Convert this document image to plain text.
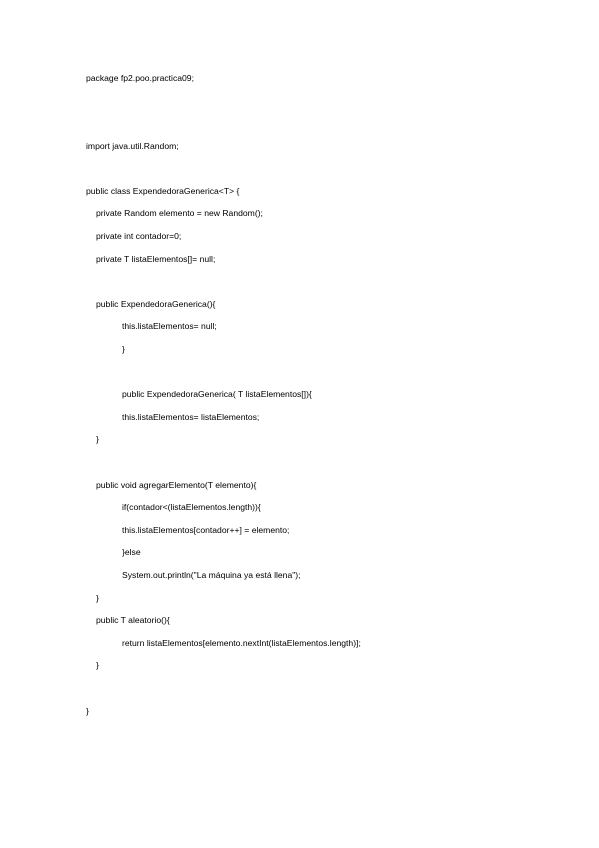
package fp2.poo.practica09;
import java.util.Random;
public class ExpendedoraGenerica<T> {
private Random elemento = new Random();
private int contador=0;
private T listaElementos[]= null;
public ExpendedoraGenerica(){
this.listaElementos= null;
}
public ExpendedoraGenerica( T listaElementos[]){
this.listaElementos= listaElementos;
}
public void agregarElemento(T elemento){
if(contador<(listaElementos.length)){
this.listaElementos[contador++] = elemento;
}else
System.out.println("La máquina ya está llena");
}
public T aleatorio(){
return listaElementos[elemento.nextInt(listaElementos.length)];
}
}
